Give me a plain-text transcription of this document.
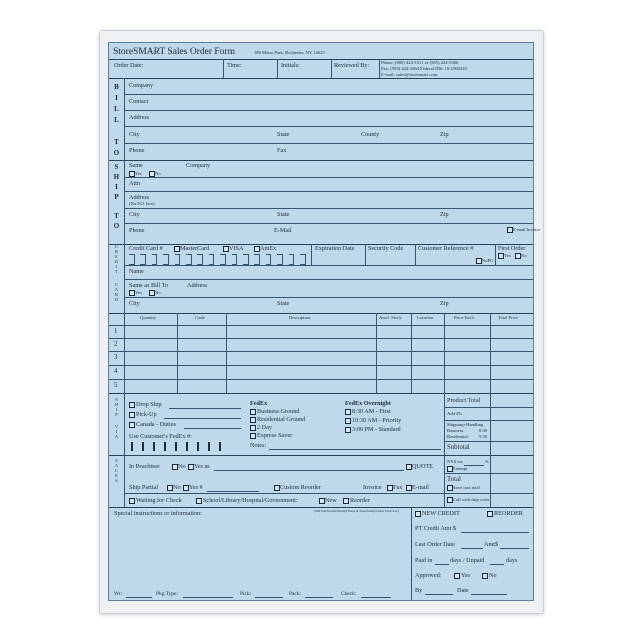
StoreSMART Sales Order Form	180 Metro Park, Rochester, NY 14623
Order Date:	Time:	Initials:	Reviewed By:	Phone: (800) 424-1011 or (585) 424-5300
Fax: (585) 424-1064 Federal ID#: 16-1060540
E-mail: sales@storesmart.com
B
I
L
L
T
O
Company
Contact
Address
City	State	County	Zip
Phone	Fax
S
H
I
P
T
O
Same	Company
Yes	No
Attn
Address
(No P.O. box)
City	State	Zip
Phone	E-Mail	E-mail Invoice
C
R
E
D
I
T
C
A
R
D
Credit Card #	MasterCard	VISA	AmEx	Expiration Date Security Code Customer Reference #
NoPO
First Order
Yes No
Name
Same as Bill To	Address
Yes	No
City	State	Zip
Quantity	Code	Description	Avail. Stock	Location	Price Each	Total Price
1
2
3
4
5
S
H
I
P
V
I
A
Drop Ship
Pick-Up
Canada - Duties
Use Customer's FedEx #:
FedEx
Business Ground
Residential Ground
2 Day
Express Saver
Notes:
FedEx Overnight
8:30 AM - First
10:30 AM - Priority
3:00 PM - Standard
Product Total
Add 4%
Shipping+Handling
Business:	8.00
Residential: 9.50
Subtotal
S
A
L
E
S
In Peachtree	No Yes as	QUOTE
Ship Partial No Yes #	Custom Reorder	Invoice Fax E-mail
Waiting for Check	School/Library/Hospital/Government:	New Reorder
NYS tax	%
Exempt
Total
Save cust total
Call with ship costs
Special instructions or information:	(SOForm/bottom/Stndrd)/Tkeep & Smartform(O.Sales Form.wsx)	NEW CREDIT	REORDER
PT Credit Amt $
Last Order Date	Amt$
Paid in	days / Unpaid	days
Approved:	Yes	No
By	Date
Wt:	Pkg Type:	Pick:	Pack:	Check:
